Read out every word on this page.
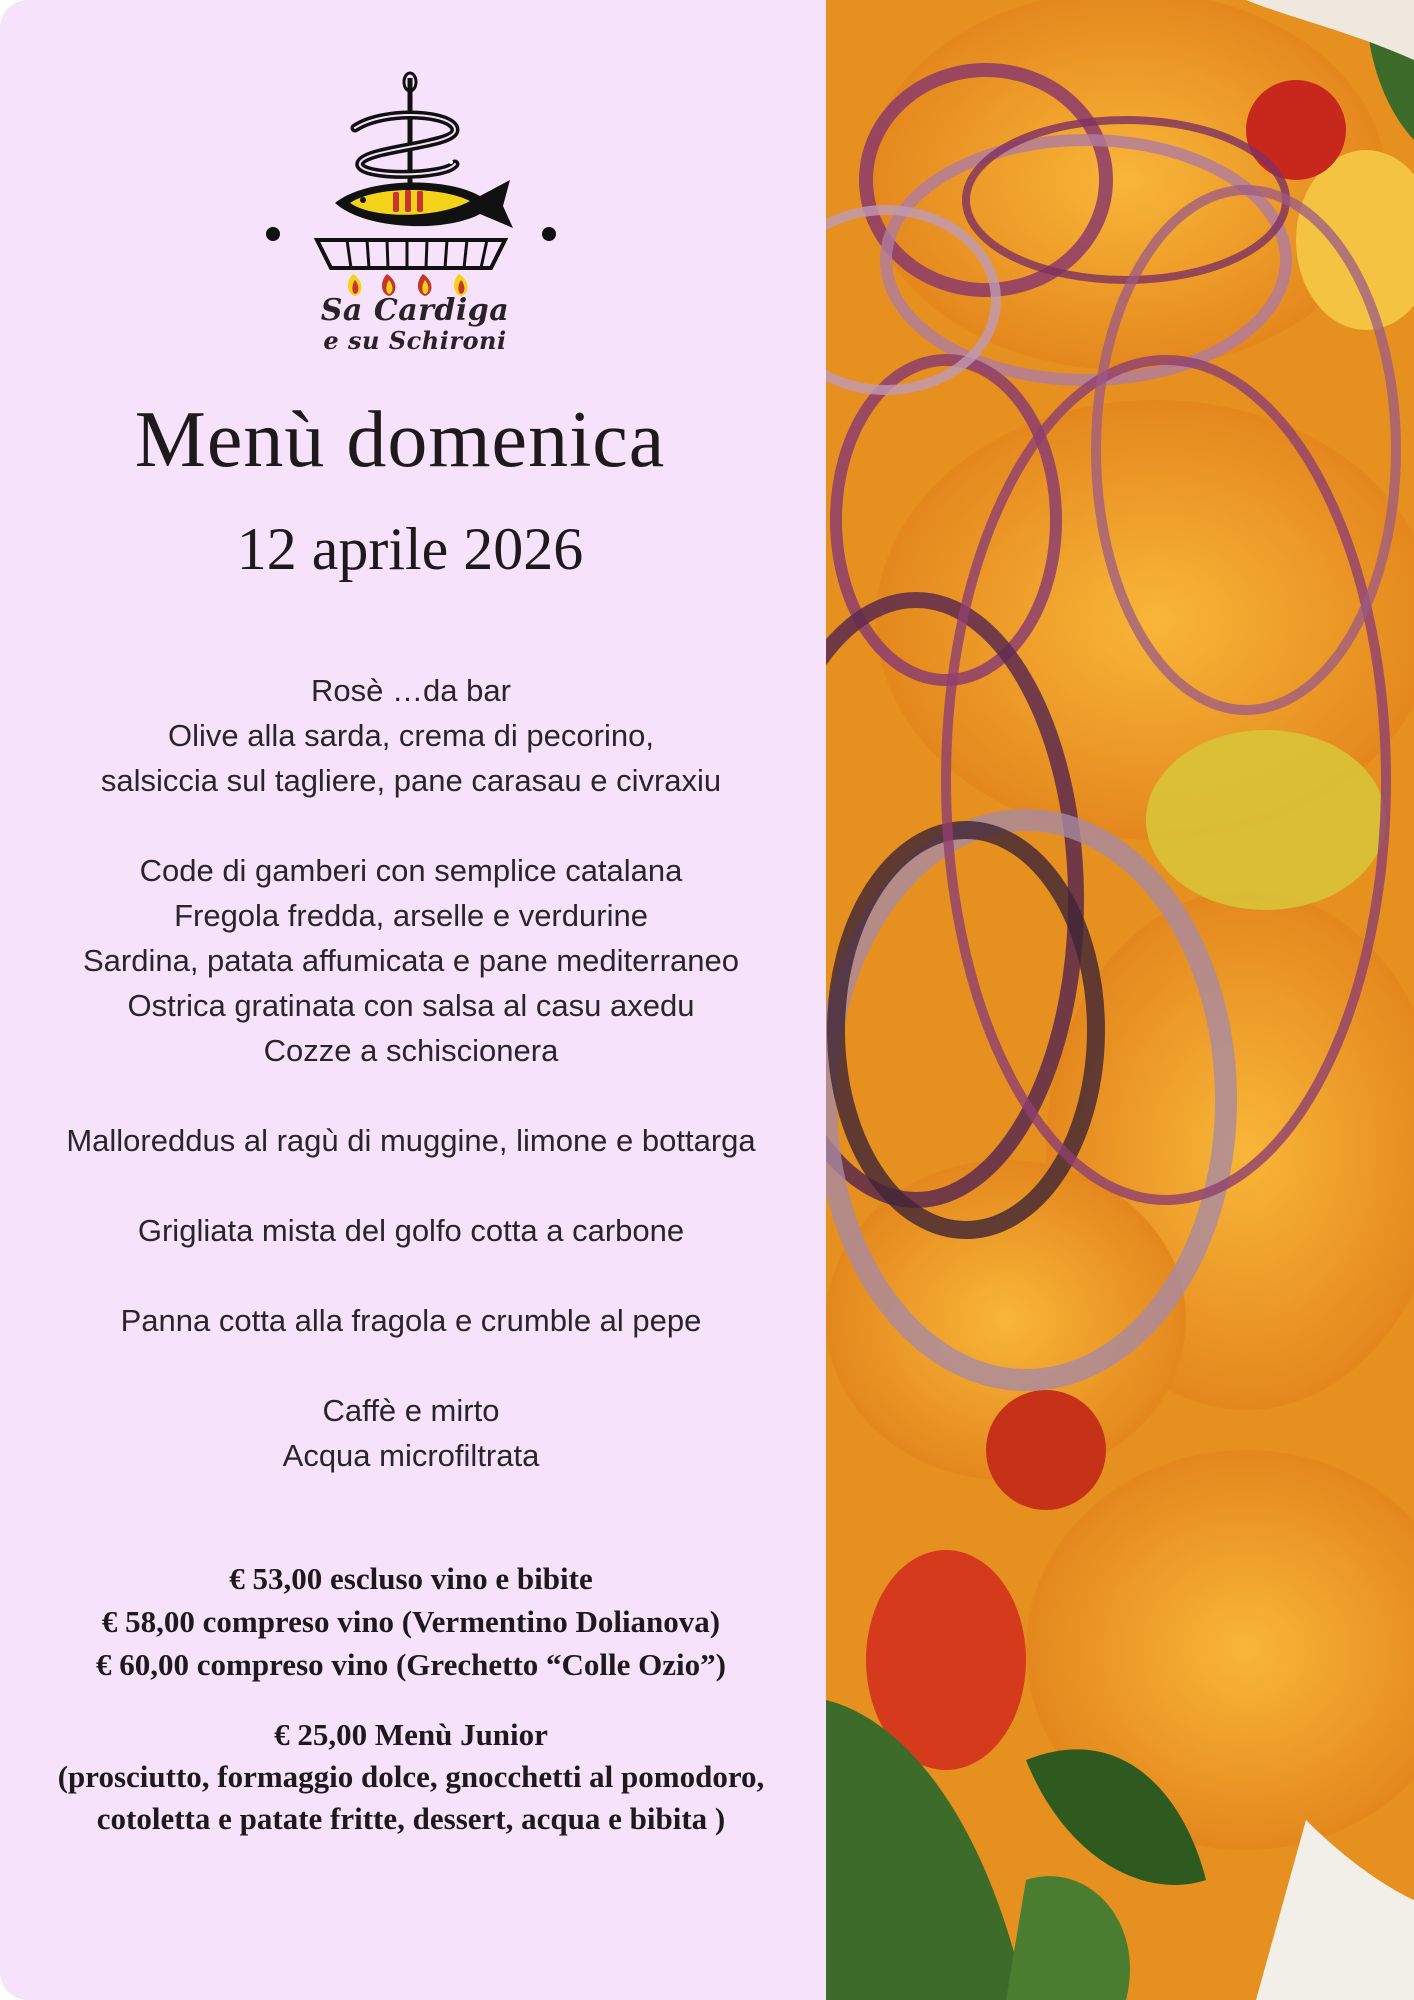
Sa Cardiga
e su Schironi
Menù domenica
12 aprile 2026
Rosè …da bar
Olive alla sarda, crema di pecorino,
salsiccia sul tagliere, pane carasau e civraxiu
Code di gamberi con semplice catalana
Fregola fredda, arselle e verdurine
Sardina, patata affumicata e pane mediterraneo
Ostrica gratinata con salsa al casu axedu
Cozze a schiscionera
Malloreddus al ragù di muggine, limone e bottarga
Grigliata mista del golfo cotta a carbone
Panna cotta alla fragola e crumble al pepe
Caffè e mirto
Acqua microfiltrata
€ 53,00 escluso vino e bibite
€ 58,00 compreso vino (Vermentino Dolianova)
€ 60,00 compreso vino (Grechetto “Colle Ozio”)
€ 25,00 Menù Junior
(prosciutto, formaggio dolce, gnocchetti al pomodoro,
cotoletta e patate fritte, dessert, acqua e bibita )
